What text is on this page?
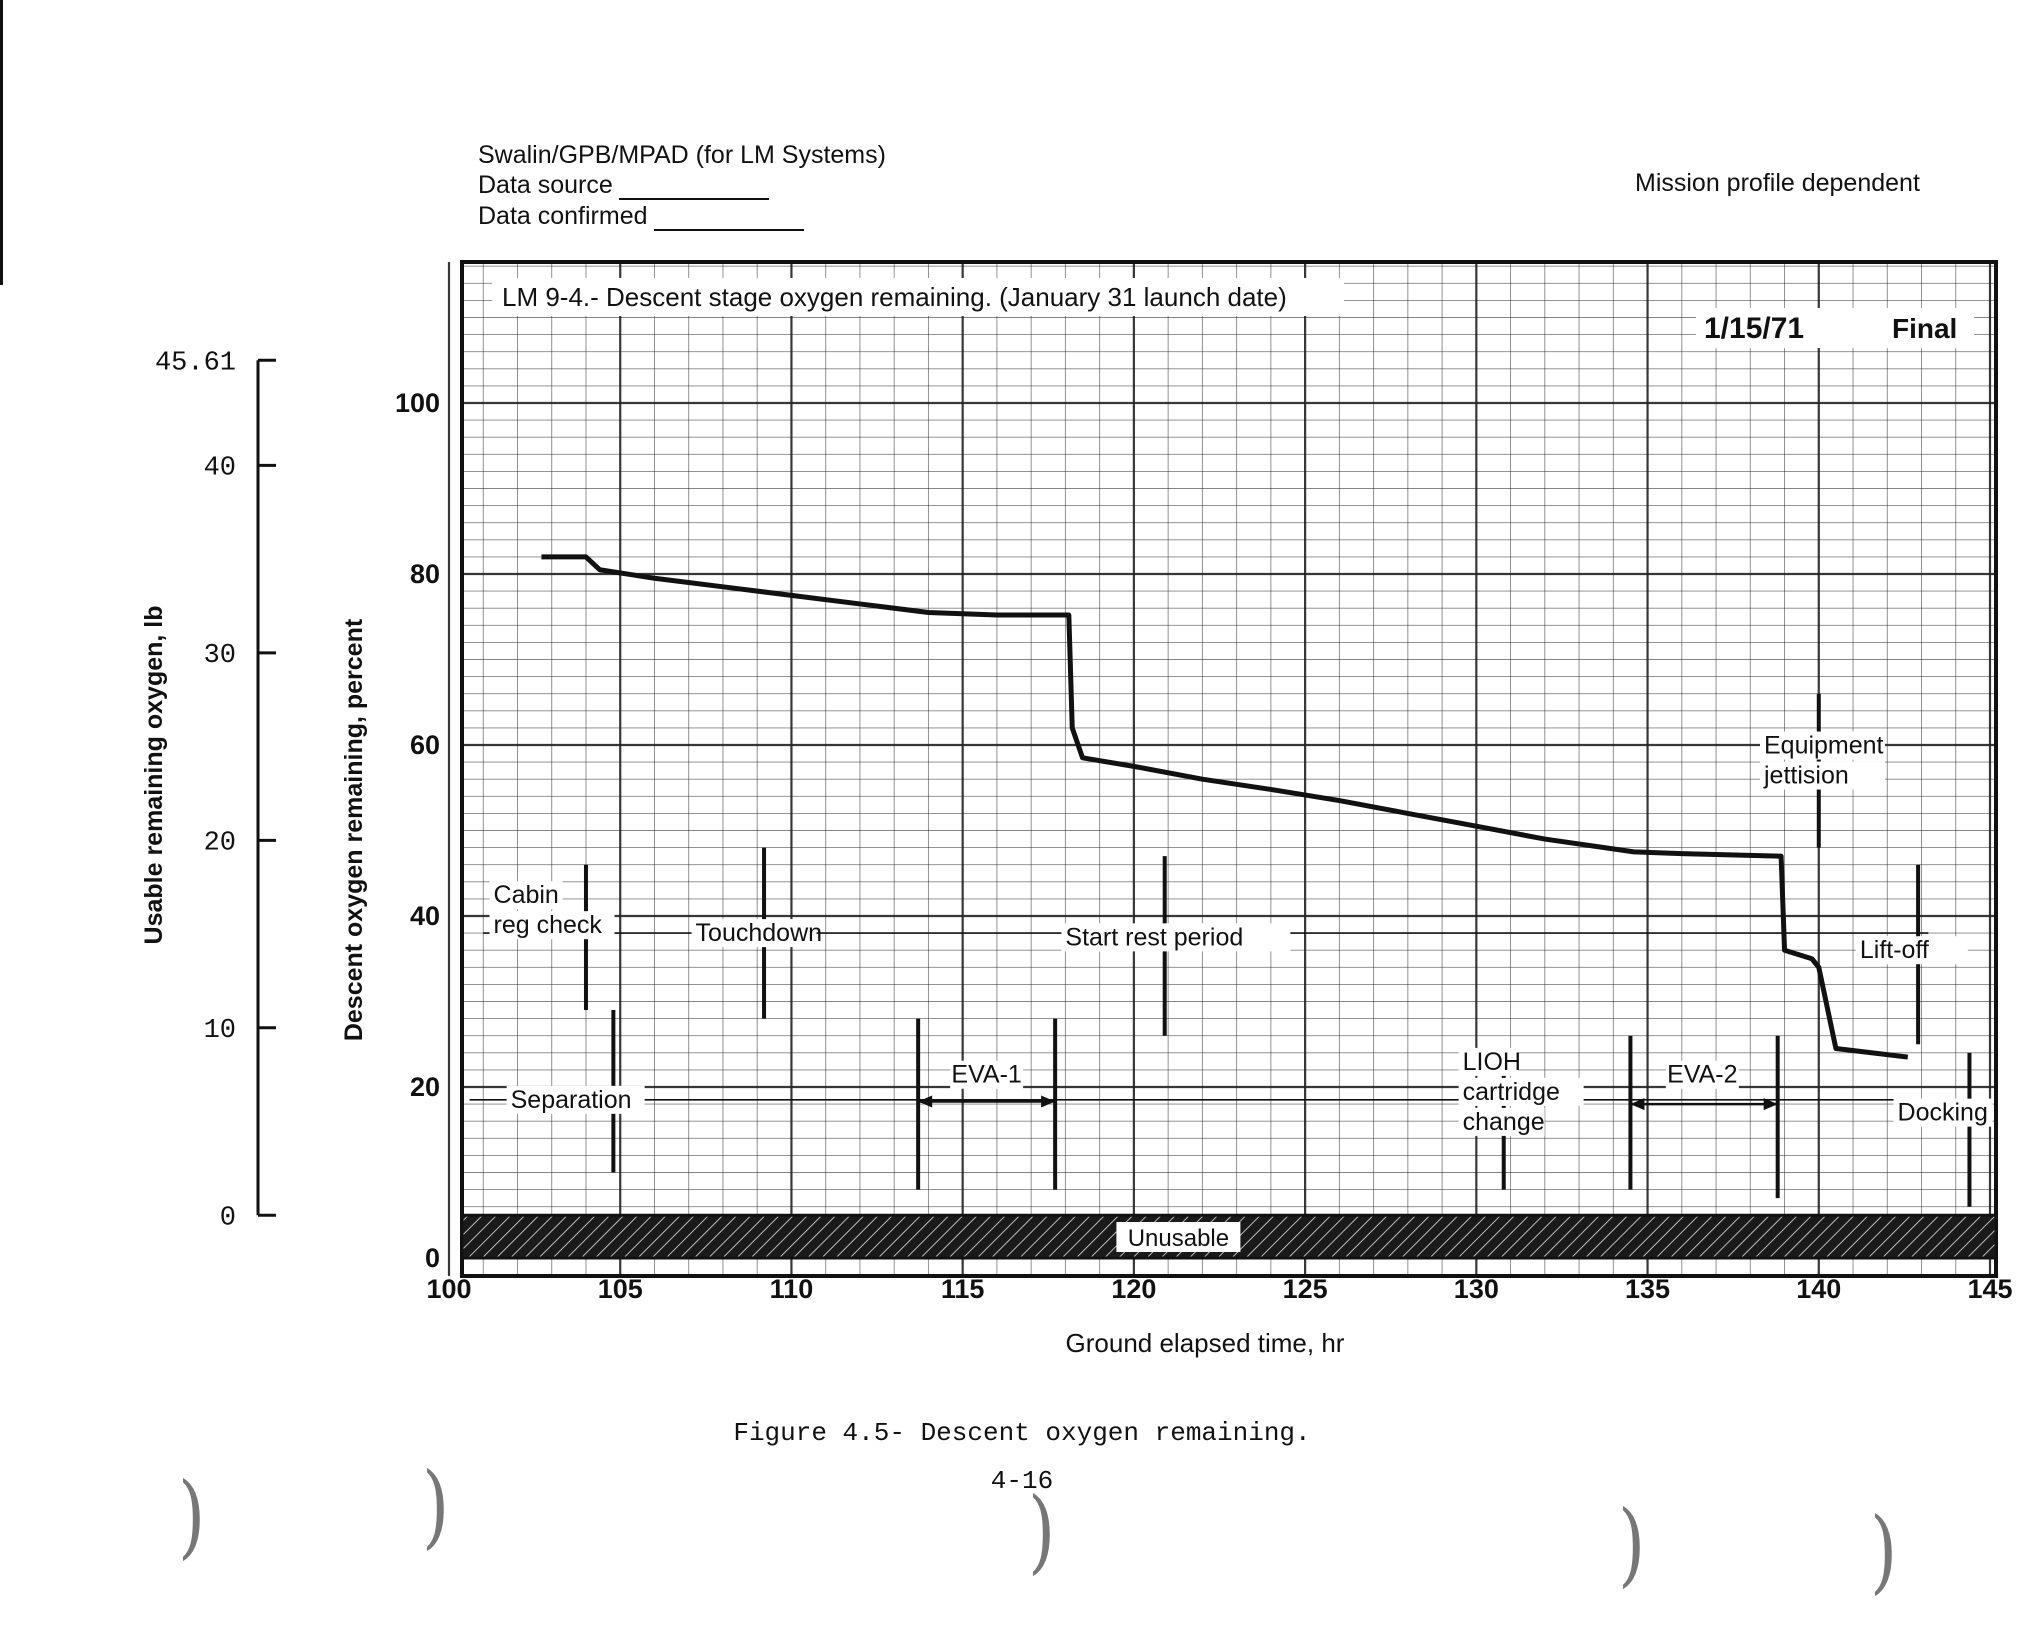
Swalin/GPB/MPAD (for LM Systems)
Data source
Data confirmed
Mission profile dependent
Unusable
Cabin
reg check
Separation
Touchdown
EVA-1
Start rest period
LIOH
cartridge
change
EVA-2
Equipment
jettision
Lift-off
Docking
100	105	110	115	120	125	130	135	140	145
0
20
40
60
80
100
0
10
20
30
40
45.61
Ground elapsed time, hr
Descent oxygen remaining, percent
Usable remaining oxygen, lb
LM 9-4.- Descent stage oxygen remaining. (January 31 launch date)
1/15/71	Final
Figure 4.5- Descent oxygen remaining.
4-16
)	)	)	)	)
